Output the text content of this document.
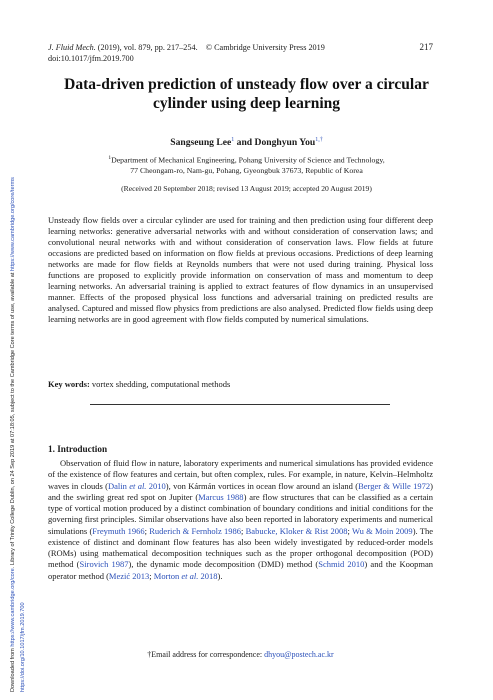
Downloaded from https://www.cambridge.org/core. Library of Trinity College Dublin, on 24 Sep 2019 at 07:18:05, subject to the Cambridge Core terms of use, available at https://www.cambridge.org/core/terms
https://doi.org/10.1017/jfm.2019.700
J. Fluid Mech. (2019), vol. 879, pp. 217–254. © Cambridge University Press 2019
doi:10.1017/jfm.2019.700
217
Data-driven prediction of unsteady flow over a circular cylinder using deep learning
Sangseung Lee$^1$ and Donghyun You$^{1,\dagger}$
$^1$Department of Mechanical Engineering, Pohang University of Science and Technology,
77 Cheongam-ro, Nam-gu, Pohang, Gyeongbuk 37673, Republic of Korea
(Received 20 September 2018; revised 13 August 2019; accepted 20 August 2019)
Unsteady flow fields over a circular cylinder are used for training and then prediction using four different deep learning networks: generative adversarial networks with and without consideration of conservation laws; and convolutional neural networks with and without consideration of conservation laws. Flow fields at future occasions are predicted based on information on flow fields at previous occasions. Predictions of deep learning networks are made for flow fields at Reynolds numbers that were not used during training. Physical loss functions are proposed to explicitly provide information on conservation of mass and momentum to deep learning networks. An adversarial training is applied to extract features of flow dynamics in an unsupervised manner. Effects of the proposed physical loss functions and adversarial training on predicted results are analysed. Captured and missed flow physics from predictions are also analysed. Predicted flow fields using deep learning networks are in good agreement with flow fields computed by numerical simulations.
Key words: vortex shedding, computational methods
1. Introduction
Observation of fluid flow in nature, laboratory experiments and numerical simulations has provided evidence of the existence of flow features and certain, but often complex, rules. For example, in nature, Kelvin–Helmholtz waves in clouds (Dalin et al. 2010), von Kármán vortices in ocean flow around an island (Berger & Wille 1972) and the swirling great red spot on Jupiter (Marcus 1988) are flow structures that can be classified as a certain type of vortical motion produced by a distinct combination of boundary conditions and initial conditions for the governing first principles. Similar observations have also been reported in laboratory experiments and numerical simulations (Freymuth 1966; Ruderich & Fernholz 1986; Babucke, Kloker & Rist 2008; Wu & Moin 2009). The existence of distinct and dominant flow features has also been widely investigated by reduced-order models (ROMs) using mathematical decomposition techniques such as the proper orthogonal decomposition (POD) method (Sirovich 1987), the dynamic mode decomposition (DMD) method (Schmid 2010) and the Koopman operator method (Mezić 2013; Morton et al. 2018).
†Email address for correspondence: dhyou@postech.ac.kr
